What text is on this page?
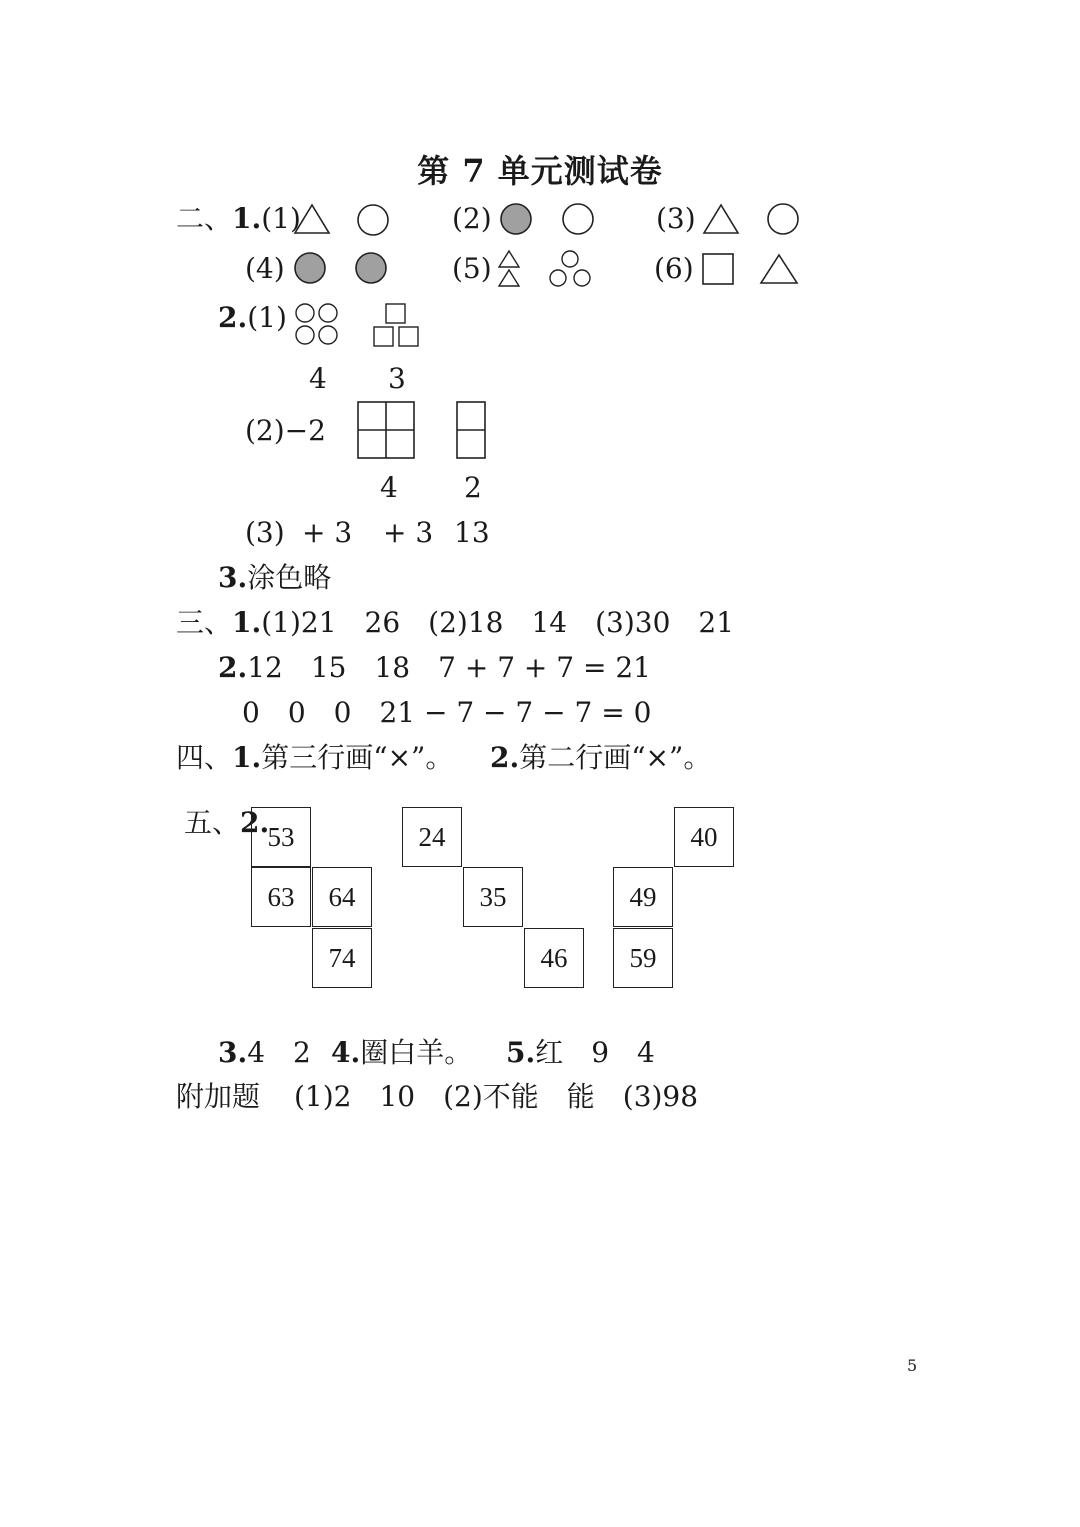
第 7 单元测试卷
二、1.(1)	(2)	(3)
(4)	(5)	(6)
2.(1)
4 3
(2)−2
4 2
(3) + 3 + 3 13
3.涂色略
三、1.(1)21　26　(2)18　14　(3)30　21
2.12　15　18　7 + 7 + 7 = 21
0　0　0　21 − 7 − 7 − 7 = 0
四、1.第三行画“×”。 2.第二行画“×”。
五、2.
53
63	64
74
24
35
46
40
49
59
3.4　2 4.圈白羊。 5.红　9　4
附加题 (1)2　10　(2)不能　能　(3)98
5
